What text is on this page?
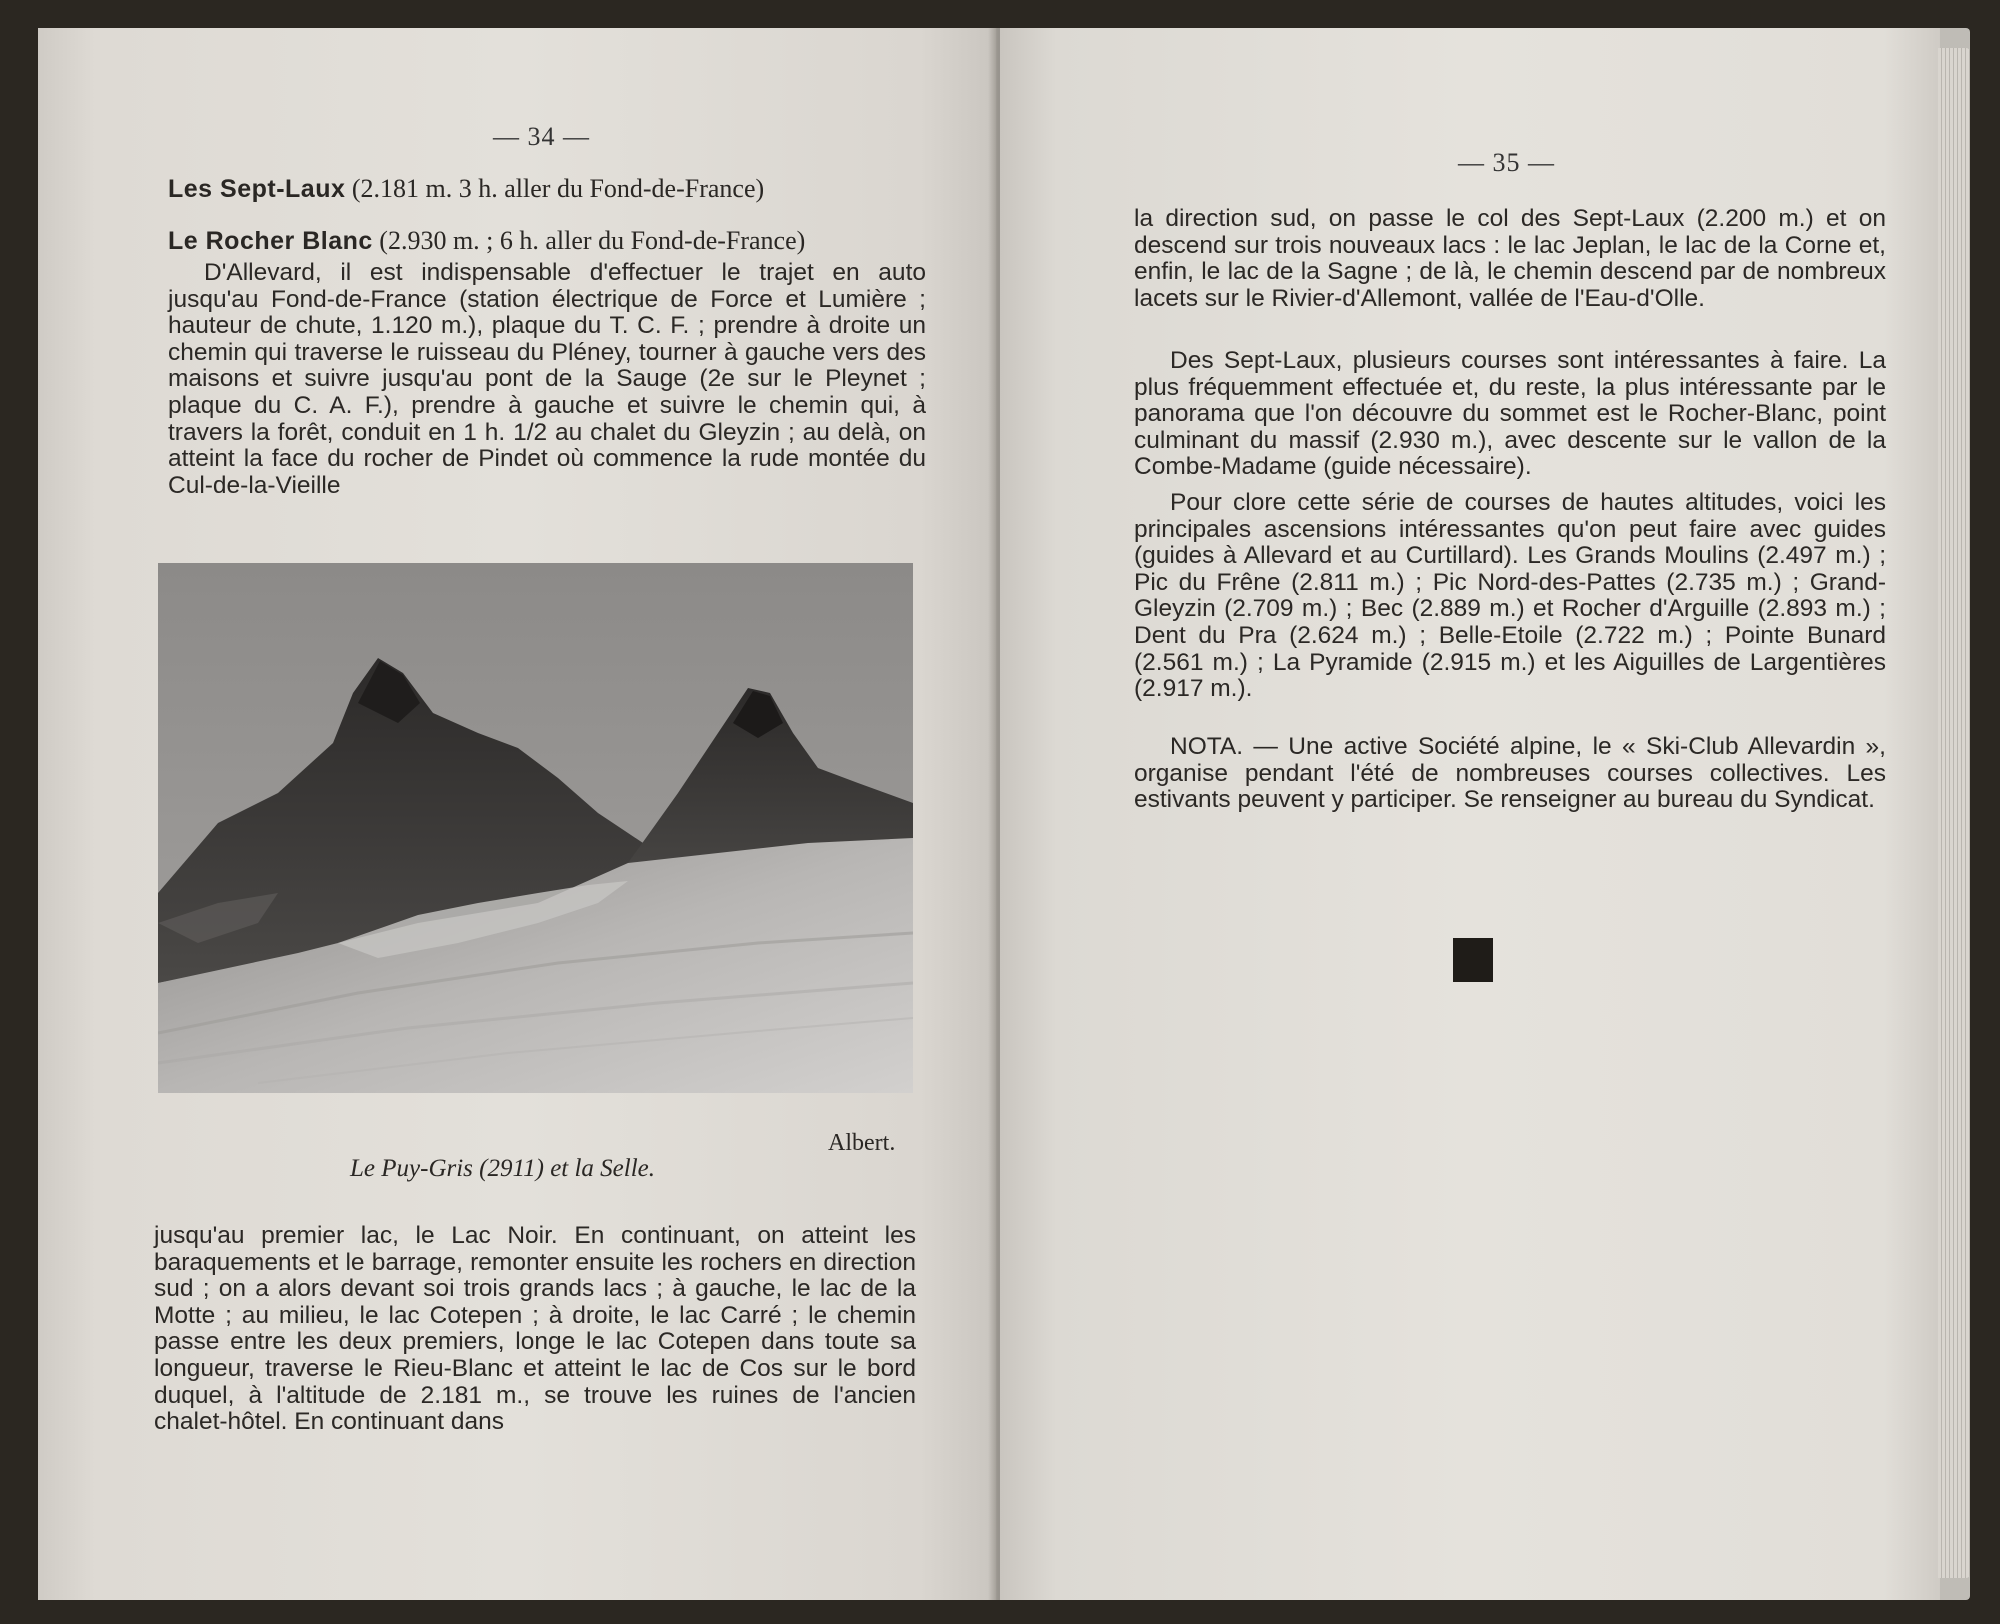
— 34 —
Les Sept-Laux (2.181 m. 3 h. aller du Fond-de-France)
Le Rocher Blanc (2.930 m. ; 6 h. aller du Fond-de-France)

D'Allevard, il est indispensable d'effectuer le trajet en auto jusqu'au Fond-de-France (station électrique de Force et Lumière ; hauteur de chute, 1.120 m.), plaque du T. C. F. ; prendre à droite un chemin qui traverse le ruisseau du Pléney, tourner à gauche vers des maisons et suivre jusqu'au pont de la Sauge (2e sur le Pleynet ; plaque du C. A. F.), prendre à gauche et suivre le chemin qui, à travers la forêt, conduit en 1 h. 1/2 au chalet du Gleyzin ; au delà, on atteint la face du rocher de Pindet où commence la rude montée du Cul-de-la-Vieille

Albert.
Le Puy-Gris (2911) et la Selle.

jusqu'au premier lac, le Lac Noir. En continuant, on atteint les baraquements et le barrage, remonter ensuite les rochers en direction sud ; on a alors devant soi trois grands lacs ; à gauche, le lac de la Motte ; au milieu, le lac Cotepen ; à droite, le lac Carré ; le chemin passe entre les deux premiers, longe le lac Cotepen dans toute sa longueur, traverse le Rieu-Blanc et atteint le lac de Cos sur le bord duquel, à l'altitude de 2.181 m., se trouve les ruines de l'ancien chalet-hôtel. En continuant dans

— 35 —

la direction sud, on passe le col des Sept-Laux (2.200 m.) et on descend sur trois nouveaux lacs : le lac Jeplan, le lac de la Corne et, enfin, le lac de la Sagne ; de là, le chemin descend par de nombreux lacets sur le Rivier-d'Allemont, vallée de l'Eau-d'Olle.

Des Sept-Laux, plusieurs courses sont intéressantes à faire. La plus fréquemment effectuée et, du reste, la plus intéressante par le panorama que l'on découvre du sommet est le Rocher-Blanc, point culminant du massif (2.930 m.), avec descente sur le vallon de la Combe-Madame (guide nécessaire).

Pour clore cette série de courses de hautes altitudes, voici les principales ascensions intéressantes qu'on peut faire avec guides (guides à Allevard et au Curtillard). Les Grands Moulins (2.497 m.) ; Pic du Frêne (2.811 m.) ; Pic Nord-des-Pattes (2.735 m.) ; Grand-Gleyzin (2.709 m.) ; Bec (2.889 m.) et Rocher d'Arguille (2.893 m.) ; Dent du Pra (2.624 m.) ; Belle-Etoile (2.722 m.) ; Pointe Bunard (2.561 m.) ; La Pyramide (2.915 m.) et les Aiguilles de Largentières (2.917 m.).

NOTA. — Une active Société alpine, le « Ski-Club Allevardin », organise pendant l'été de nombreuses courses collectives. Les estivants peuvent y participer. Se renseigner au bureau du Syndicat.
